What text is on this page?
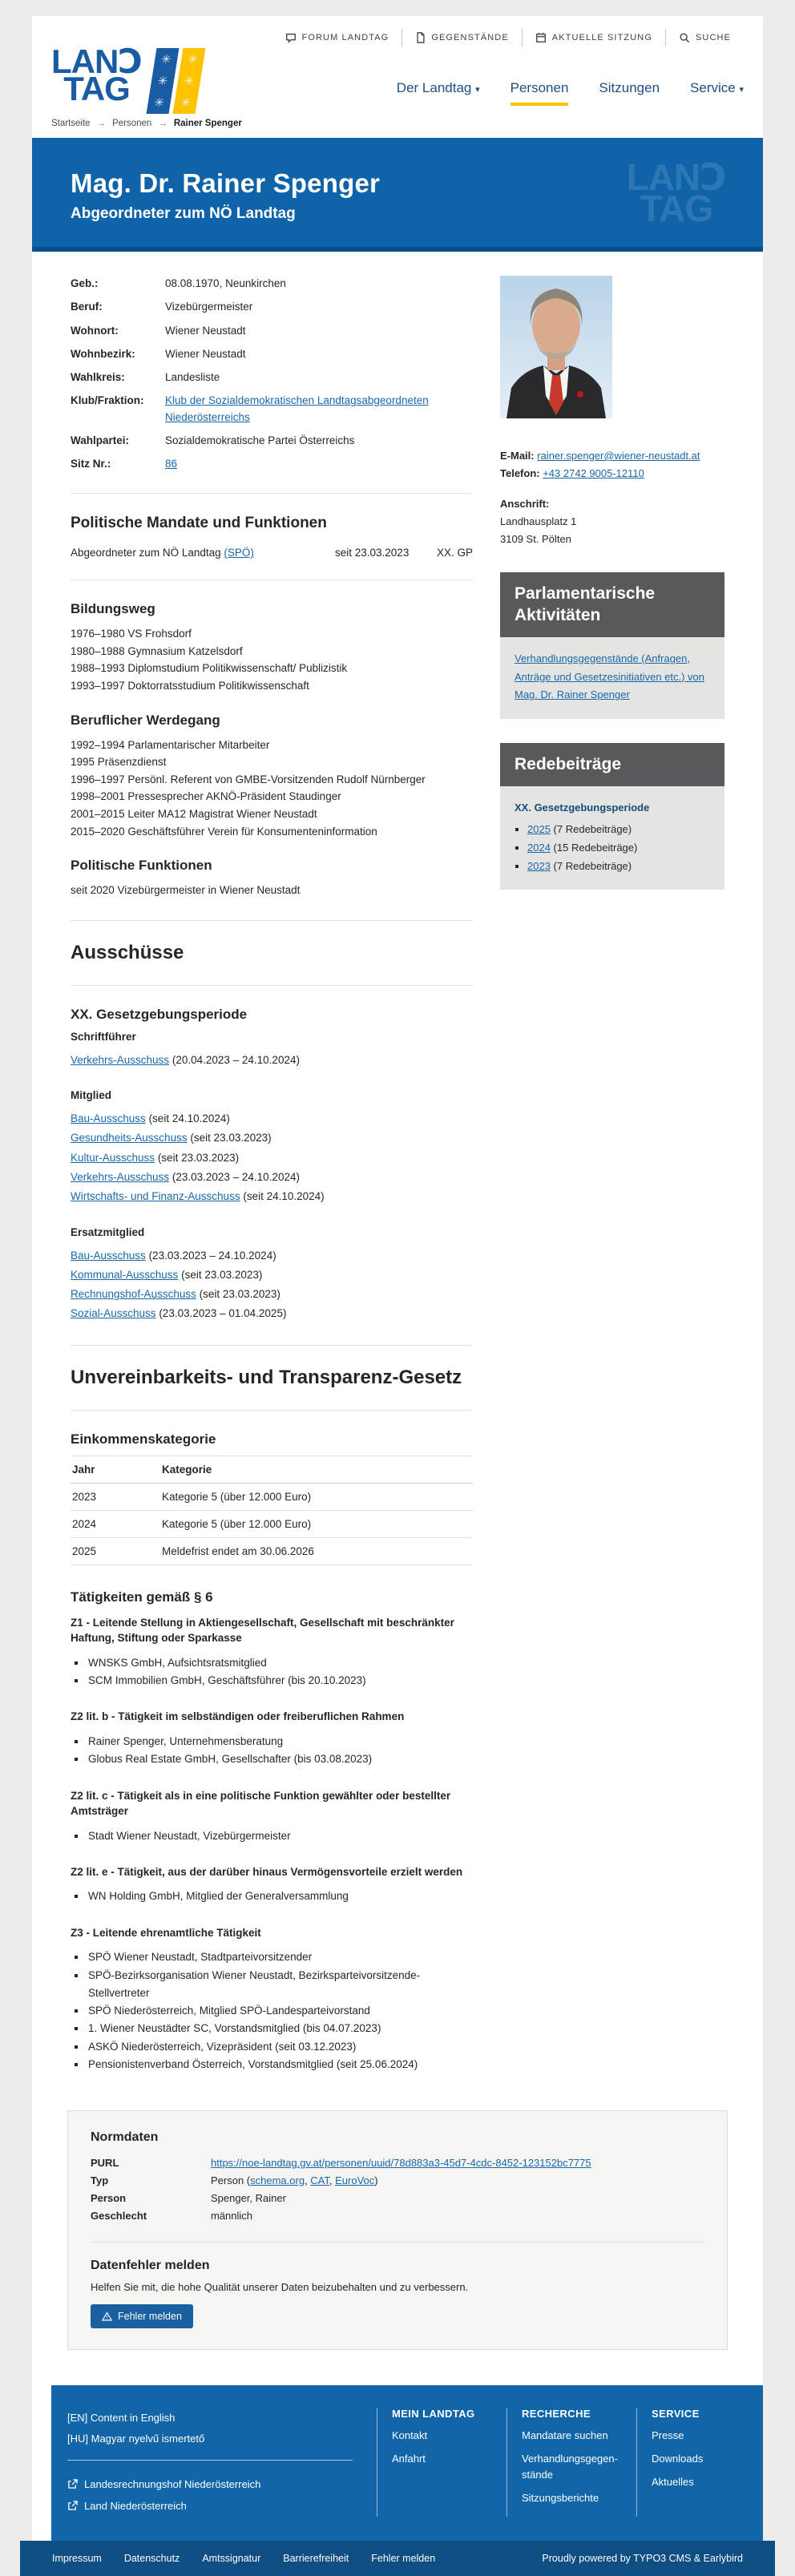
FORUM LANDTAG	GEGENSTÄNDE	AKTUELLE SITZUNG	SUCHE
LANↃ
TAG
✳
✳
✳
✳
✳
✳
Der Landtag ▾ Personen Sitzungen Service ▾
Startseite → Personen → Rainer Spenger
Mag. Dr. Rainer Spenger
Abgeordneter zum NÖ Landtag
LANↃ
TAG
Geb.:	08.08.1970, Neunkirchen
Beruf:	Vizebürgermeister
Wohnort:	Wiener Neustadt
Wohnbezirk:	Wiener Neustadt
Wahlkreis:	Landesliste
Klub/Fraktion:	Klub der Sozialdemokratischen Landtagsabgeordneten Niederösterreichs
Wahlpartei:	Sozialdemokratische Partei Österreichs
Sitz Nr.:	86
Politische Mandate und Funktionen
Abgeordneter zum NÖ Landtag (SPÖ)	seit 23.03.2023	XX. GP
Bildungsweg
1976–1980 VS Frohsdorf
1980–1988 Gymnasium Katzelsdorf
1988–1993 Diplomstudium Politikwissenschaft/ Publizistik
1993–1997 Doktorratsstudium Politikwissenschaft
Beruflicher Werdegang
1992–1994 Parlamentarischer Mitarbeiter
1995 Präsenzdienst
1996–1997 Persönl. Referent von GMBE-Vorsitzenden Rudolf Nürnberger
1998–2001 Pressesprecher AKNÖ-Präsident Staudinger
2001–2015 Leiter MA12 Magistrat Wiener Neustadt
2015–2020 Geschäftsführer Verein für Konsumenteninformation
Politische Funktionen
seit 2020 Vizebürgermeister in Wiener Neustadt
Ausschüsse
XX. Gesetzgebungsperiode
Schriftführer
Verkehrs-Ausschuss (20.04.2023 – 24.10.2024)
Mitglied
Bau-Ausschuss (seit 24.10.2024)
Gesundheits-Ausschuss (seit 23.03.2023)
Kultur-Ausschuss (seit 23.03.2023)
Verkehrs-Ausschuss (23.03.2023 – 24.10.2024)
Wirtschafts- und Finanz-Ausschuss (seit 24.10.2024)
Ersatzmitglied
Bau-Ausschuss (23.03.2023 – 24.10.2024)
Kommunal-Ausschuss (seit 23.03.2023)
Rechnungshof-Ausschuss (seit 23.03.2023)
Sozial-Ausschuss (23.03.2023 – 01.04.2025)
Unvereinbarkeits- und Transparenz-Gesetz
Einkommenskategorie
Jahr	Kategorie
2023	Kategorie 5 (über 12.000 Euro)
2024	Kategorie 5 (über 12.000 Euro)
2025	Meldefrist endet am 30.06.2026
Tätigkeiten gemäß § 6
Z1 - Leitende Stellung in Aktiengesellschaft, Gesellschaft mit beschränkter Haftung, Stiftung oder Sparkasse
▪ WNSKS GmbH, Aufsichtsratsmitglied
▪ SCM Immobilien GmbH, Geschäftsführer (bis 20.10.2023)
Z2 lit. b - Tätigkeit im selbständigen oder freiberuflichen Rahmen
▪ Rainer Spenger, Unternehmensberatung
▪ Globus Real Estate GmbH, Gesellschafter (bis 03.08.2023)
Z2 lit. c - Tätigkeit als in eine politische Funktion gewählter oder bestellter Amtsträger
▪ Stadt Wiener Neustadt, Vizebürgermeister
Z2 lit. e - Tätigkeit, aus der darüber hinaus Vermögensvorteile erzielt werden
▪ WN Holding GmbH, Mitglied der Generalversammlung
Z3 - Leitende ehrenamtliche Tätigkeit
▪ SPÖ Wiener Neustadt, Stadtparteivorsitzender
▪ SPÖ-Bezirksorganisation Wiener Neustadt, Bezirksparteivorsitzende-Stellvertreter
▪ SPÖ Niederösterreich, Mitglied SPÖ-Landesparteivorstand
▪ 1. Wiener Neustädter SC, Vorstandsmitglied (bis 04.07.2023)
▪ ASKÖ Niederösterreich, Vizepräsident (seit 03.12.2023)
▪ Pensionistenverband Österreich, Vorstandsmitglied (seit 25.06.2024)
E-Mail: rainer.spenger@wiener-neustadt.at
Telefon: +43 2742 9005-12110
Anschrift:
Landhausplatz 1
3109 St. Pölten
Parlamentarische Aktivitäten
Verhandlungsgegenstände (Anfragen, Anträge und Gesetzesinitiativen etc.) von Mag. Dr. Rainer Spenger
Redebeiträge
XX. Gesetzgebungsperiode
▪ 2025 (7 Redebeiträge)
▪ 2024 (15 Redebeiträge)
▪ 2023 (7 Redebeiträge)
Normdaten
PURL	https://noe-landtag.gv.at/personen/uuid/78d883a3-45d7-4cdc-8452-123152bc7775
Typ	Person (schema.org, CAT, EuroVoc)
Person	Spenger, Rainer
Geschlecht	männlich
Datenfehler melden

Helfen Sie mit, die hohe Qualität unserer Daten beizubehalten und zu verbessern.

Fehler melden
[EN] Content in English
[HU] Magyar nyelvű ismertető
Landesrechnungshof Niederösterreich
Land Niederösterreich
MEIN LANDTAG
Kontakt
Anfahrt
RECHERCHE
Mandatare suchen
Verhandlungsgegen-stände
Sitzungsberichte
SERVICE
Presse
Downloads
Aktuelles
Impressum Datenschutz Amtssignatur Barrierefreiheit Fehler melden	Proudly powered by TYPO3 CMS & Earlybird
